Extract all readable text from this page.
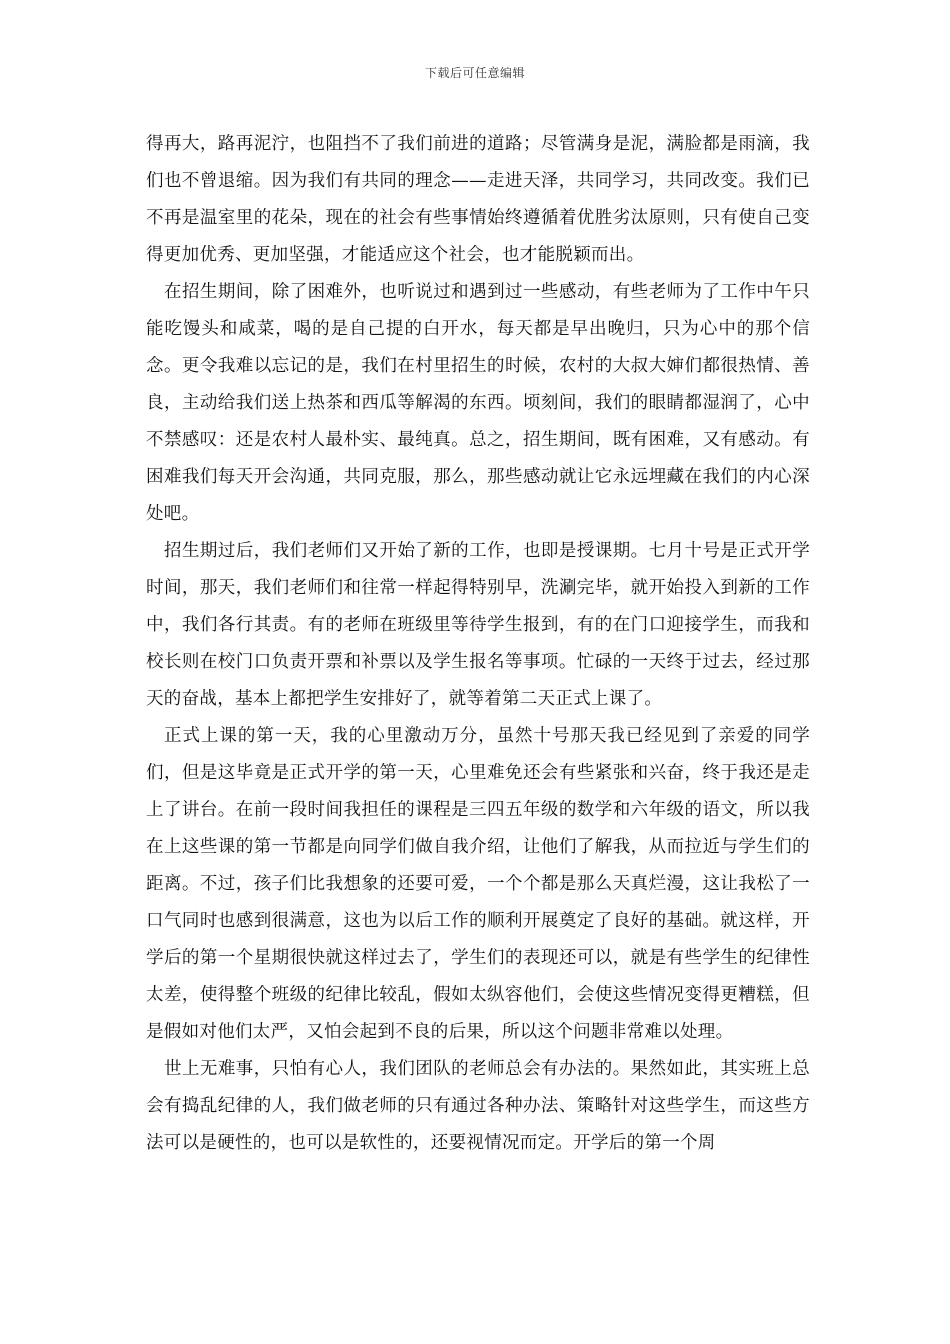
下载后可任意编辑

得再大，路再泥泞，也阻挡不了我们前进的道路；尽管满身是泥，满脸都是雨滴，我们也不曾退缩。因为我们有共同的理念——走进天泽，共同学习，共同改变。我们已不再是温室里的花朵，现在的社会有些事情始终遵循着优胜劣汰原则，只有使自己变得更加优秀、更加坚强，才能适应这个社会，也才能脱颖而出。

在招生期间，除了困难外，也听说过和遇到过一些感动，有些老师为了工作中午只能吃馒头和咸菜，喝的是自己提的白开水，每天都是早出晚归，只为心中的那个信念。更令我难以忘记的是，我们在村里招生的时候，农村的大叔大婶们都很热情、善良，主动给我们送上热茶和西瓜等解渴的东西。顷刻间，我们的眼睛都湿润了，心中不禁感叹：还是农村人最朴实、最纯真。总之，招生期间，既有困难，又有感动。有困难我们每天开会沟通，共同克服，那么，那些感动就让它永远埋藏在我们的内心深处吧。

招生期过后，我们老师们又开始了新的工作，也即是授课期。七月十号是正式开学时间，那天，我们老师们和往常一样起得特别早，洗涮完毕，就开始投入到新的工作中，我们各行其责。有的老师在班级里等待学生报到，有的在门口迎接学生，而我和校长则在校门口负责开票和补票以及学生报名等事项。忙碌的一天终于过去，经过那天的奋战，基本上都把学生安排好了，就等着第二天正式上课了。

正式上课的第一天，我的心里激动万分，虽然十号那天我已经见到了亲爱的同学们，但是这毕竟是正式开学的第一天，心里难免还会有些紧张和兴奋，终于我还是走上了讲台。在前一段时间我担任的课程是三四五年级的数学和六年级的语文，所以我在上这些课的第一节都是向同学们做自我介绍，让他们了解我，从而拉近与学生们的距离。不过，孩子们比我想象的还要可爱，一个个都是那么天真烂漫，这让我松了一口气同时也感到很满意，这也为以后工作的顺利开展奠定了良好的基础。就这样，开学后的第一个星期很快就这样过去了，学生们的表现还可以，就是有些学生的纪律性太差，使得整个班级的纪律比较乱，假如太纵容他们，会使这些情况变得更糟糕，但是假如对他们太严，又怕会起到不良的后果，所以这个问题非常难以处理。

世上无难事，只怕有心人，我们团队的老师总会有办法的。果然如此，其实班上总会有捣乱纪律的人，我们做老师的只有通过各种办法、策略针对这些学生，而这些方法可以是硬性的，也可以是软性的，还要视情况而定。开学后的第一个周
